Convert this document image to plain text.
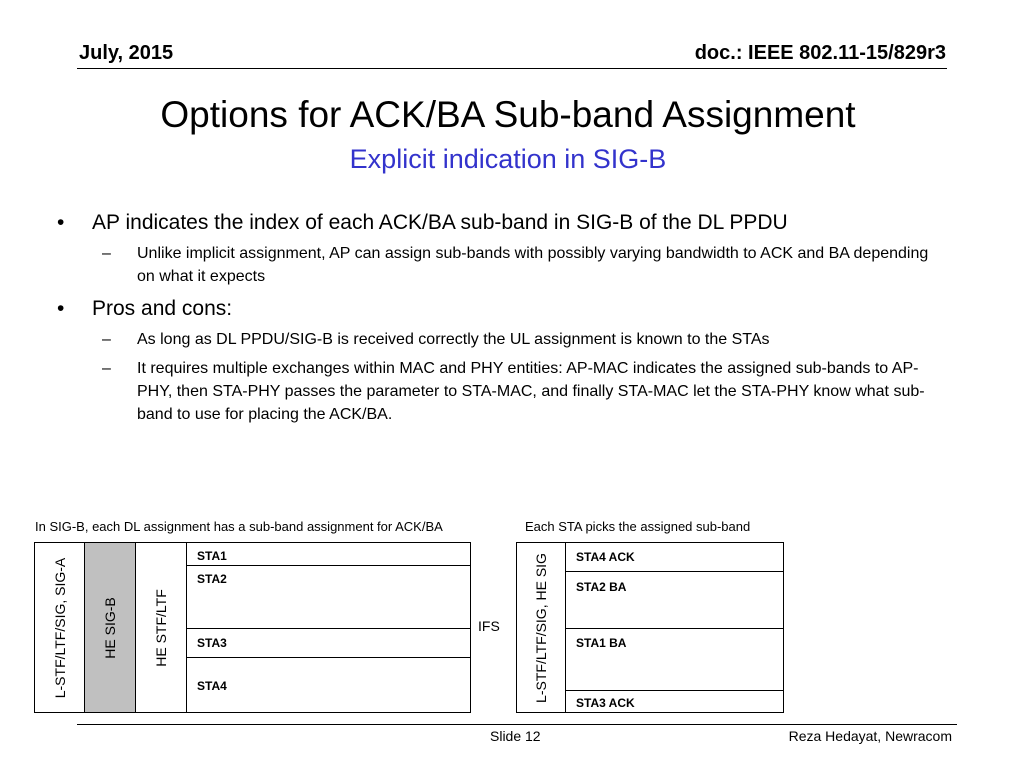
July, 2015	doc.: IEEE 802.11-15/829r3
Options for ACK/BA Sub-band Assignment
Explicit indication in SIG-B
• AP indicates the index of each ACK/BA sub-band in SIG-B of the DL PPDU
– Unlike implicit assignment, AP can assign sub-bands with possibly varying bandwidth to ACK and BA depending on what it expects
• Pros and cons:
– As long as DL PPDU/SIG-B is received correctly the UL assignment is known to the STAs
– It requires multiple exchanges within MAC and PHY entities: AP-MAC indicates the assigned sub-bands to AP-PHY, then STA-PHY passes the parameter to STA-MAC, and finally STA-MAC let the STA-PHY know what sub-band to use for placing the ACK/BA.
In SIG-B, each DL assignment has a sub-band assignment for ACK/BA	Each STA picks the assigned sub-band
L-STF/LTF/SIG, SIG-A HE SIG-B	HE STF/LTF
STA1
STA2
STA3
STA4
IFS L-STF/LTF/SIG, HE SIG STA4 ACK
STA2 BA
STA1 BA
STA3 ACK
Slide 12	Reza Hedayat, Newracom
